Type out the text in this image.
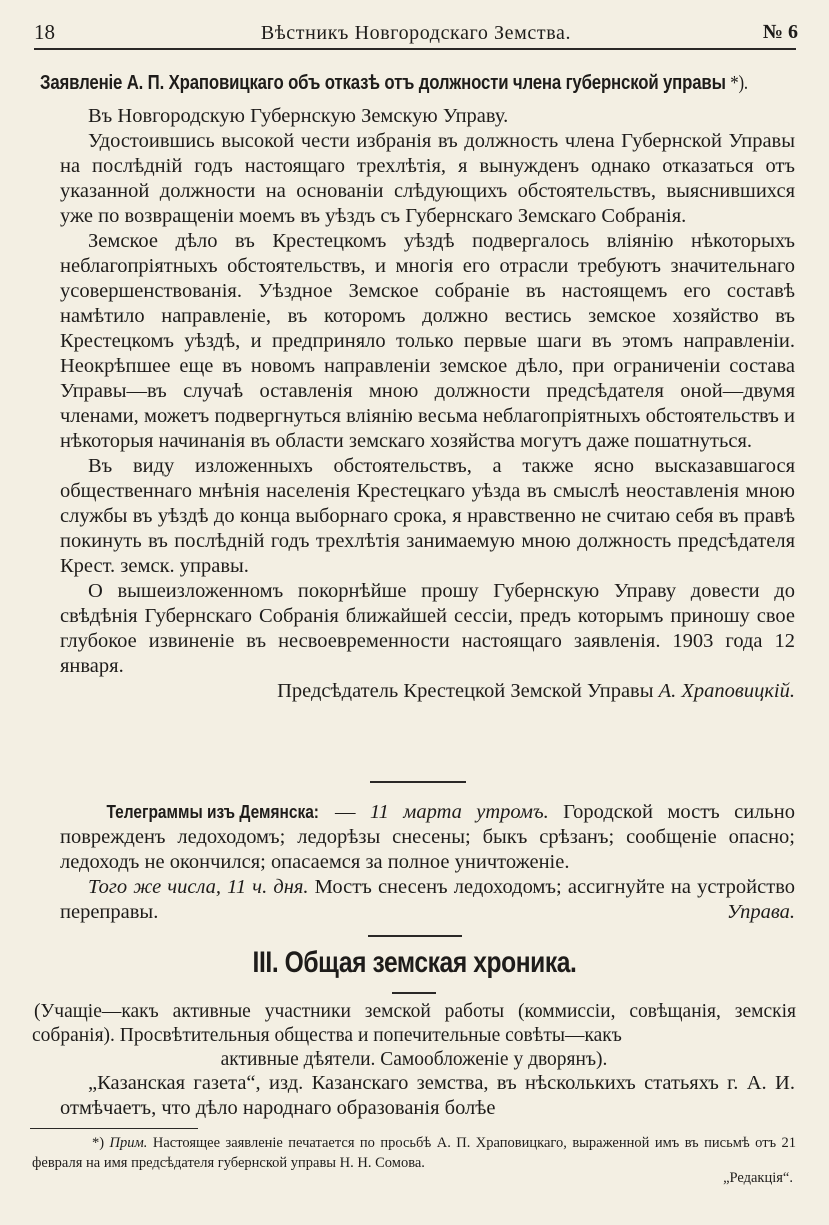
18	Вѣстникъ Новгородскаго Земства.	№ 6
Заявленіе А. П. Храповицкаго объ отказѣ отъ должности члена губернской управы *).

Въ Новгородскую Губернскую Земскую Управу.

Удостоившись высокой чести избранія въ должность члена Губернской Управы на послѣдній годъ настоящаго трехлѣтія, я вынужденъ однако отказаться отъ указанной должности на основаніи слѣдующихъ обстоятельствъ, выяснившихся уже по возвращеніи моемъ въ уѣздъ съ Губернскаго Земскаго Собранія.

Земское дѣло въ Крестецкомъ уѣздѣ подвергалось вліянію нѣкоторыхъ неблагопріятныхъ обстоятельствъ, и многія его отрасли требуютъ значительнаго усовершенствованія. Уѣздное Земское собраніе въ настоящемъ его составѣ намѣтило направленіе, въ которомъ должно вестись земское хозяйство въ Крестецкомъ уѣздѣ, и предприняло только первые шаги въ этомъ направленіи. Неокрѣпшее еще въ новомъ направленіи земское дѣло, при ограниченіи состава Управы—въ случаѣ оставленія мною должности предсѣдателя оной—двумя членами, можетъ подвергнуться вліянію весьма неблагопріятныхъ обстоятельствъ и нѣкоторыя начинанія въ области земскаго хозяйства могутъ даже пошатнуться.

Въ виду изложенныхъ обстоятельствъ, а также ясно высказавшагося общественнаго мнѣнія населенія Крестецкаго уѣзда въ смыслѣ неоставленія мною службы въ уѣздѣ до конца выборнаго срока, я нравственно не считаю себя въ правѣ покинуть въ послѣдній годъ трехлѣтія занимаемую мною должность предсѣдателя Крест. земск. управы.

О вышеизложенномъ покорнѣйше прошу Губернскую Управу довести до свѣдѣнія Губернскаго Собранія ближайшей сессіи, предъ которымъ приношу свое глубокое извиненіе въ несвоевременности настоящаго заявленія. 1903 года 12 января.

Предсѣдатель Крестецкой Земской Управы А. Храповицкій.

Телеграммы изъ Демянска: — 11 марта утромъ. Городской мостъ сильно поврежденъ ледоходомъ; ледорѣзы снесены; быкъ срѣзанъ; сообщеніе опасно; ледоходъ не окончился; опасаемся за полное уничтоженіе.

Того же числа, 11 ч. дня. Мостъ снесенъ ледоходомъ; ассигнуйте на устройство переправы.	Управа.

III. Общая земская хроника.

(Учащіе—какъ активные участники земской работы (коммиссіи, совѣщанія, земскія собранія). Просвѣтительныя общества и попечительные совѣты—какъ

активные дѣятели. Самообложеніе у дворянъ).

„Казанская газета“, изд. Казанскаго земства, въ нѣсколькихъ статьяхъ г. А. И. отмѣчаетъ, что дѣло народнаго образованія болѣе

*) Прим. Настоящее заявленіе печатается по просьбѣ А. П. Храповицкаго, выраженной имъ въ письмѣ отъ 21 февраля на имя предсѣдателя губернской управы Н. Н. Сомова.

„Редакція“.
